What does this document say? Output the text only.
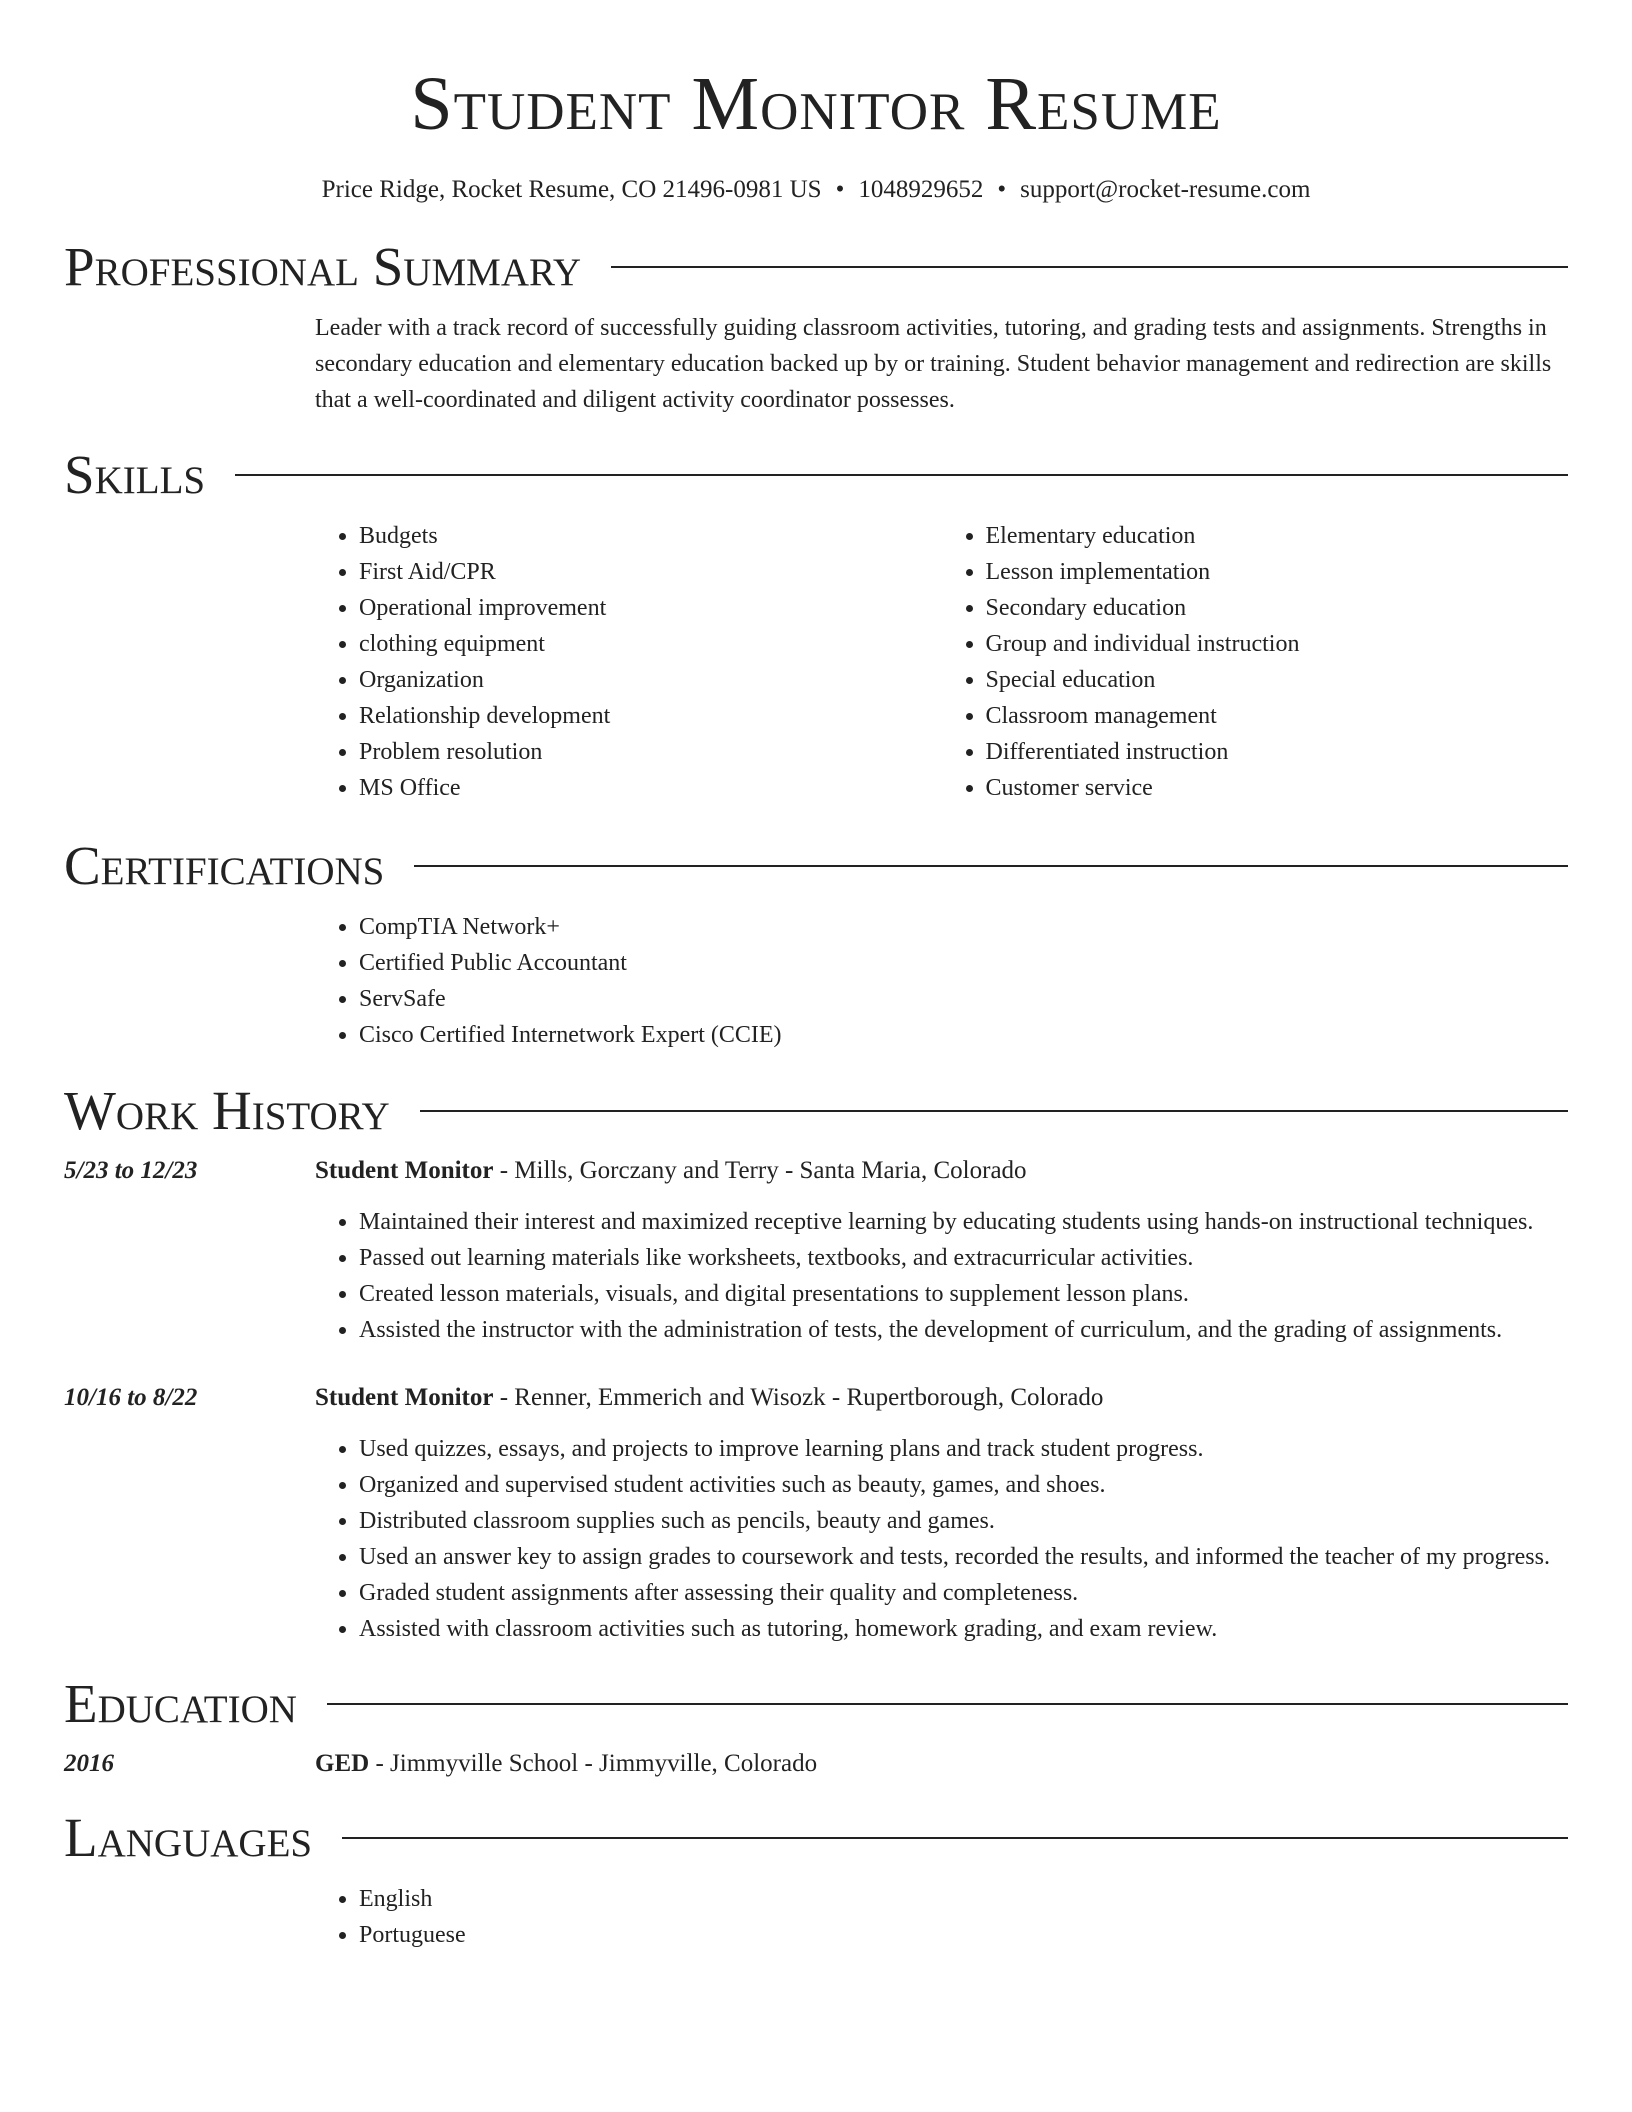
Student Monitor Resume
Price Ridge, Rocket Resume, CO 21496-0981 US • 1048929652 • support@rocket-resume.com
Professional Summary
Leader with a track record of successfully guiding classroom activities, tutoring, and grading tests and assignments. Strengths in secondary education and elementary education backed up by or training. Student behavior management and redirection are skills that a well-coordinated and diligent activity coordinator possesses.
Skills
• Budgets
• First Aid/CPR
• Operational improvement
• clothing equipment
• Organization
• Relationship development
• Problem resolution
• MS Office
• Elementary education
• Lesson implementation
• Secondary education
• Group and individual instruction
• Special education
• Classroom management
• Differentiated instruction
• Customer service
Certifications
• CompTIA Network+
• Certified Public Accountant
• ServSafe
• Cisco Certified Internetwork Expert (CCIE)
Work History
5/23 to 12/23	Student Monitor - Mills, Gorczany and Terry - Santa Maria, Colorado
• Maintained their interest and maximized receptive learning by educating students using hands-on instructional techniques.
• Passed out learning materials like worksheets, textbooks, and extracurricular activities.
• Created lesson materials, visuals, and digital presentations to supplement lesson plans.
• Assisted the instructor with the administration of tests, the development of curriculum, and the grading of assignments.
10/16 to 8/22	Student Monitor - Renner, Emmerich and Wisozk - Rupertborough, Colorado
• Used quizzes, essays, and projects to improve learning plans and track student progress.
• Organized and supervised student activities such as beauty, games, and shoes.
• Distributed classroom supplies such as pencils, beauty and games.
• Used an answer key to assign grades to coursework and tests, recorded the results, and informed the teacher of my progress.
• Graded student assignments after assessing their quality and completeness.
• Assisted with classroom activities such as tutoring, homework grading, and exam review.
Education
2016	GED - Jimmyville School - Jimmyville, Colorado
Languages
• English
• Portuguese
